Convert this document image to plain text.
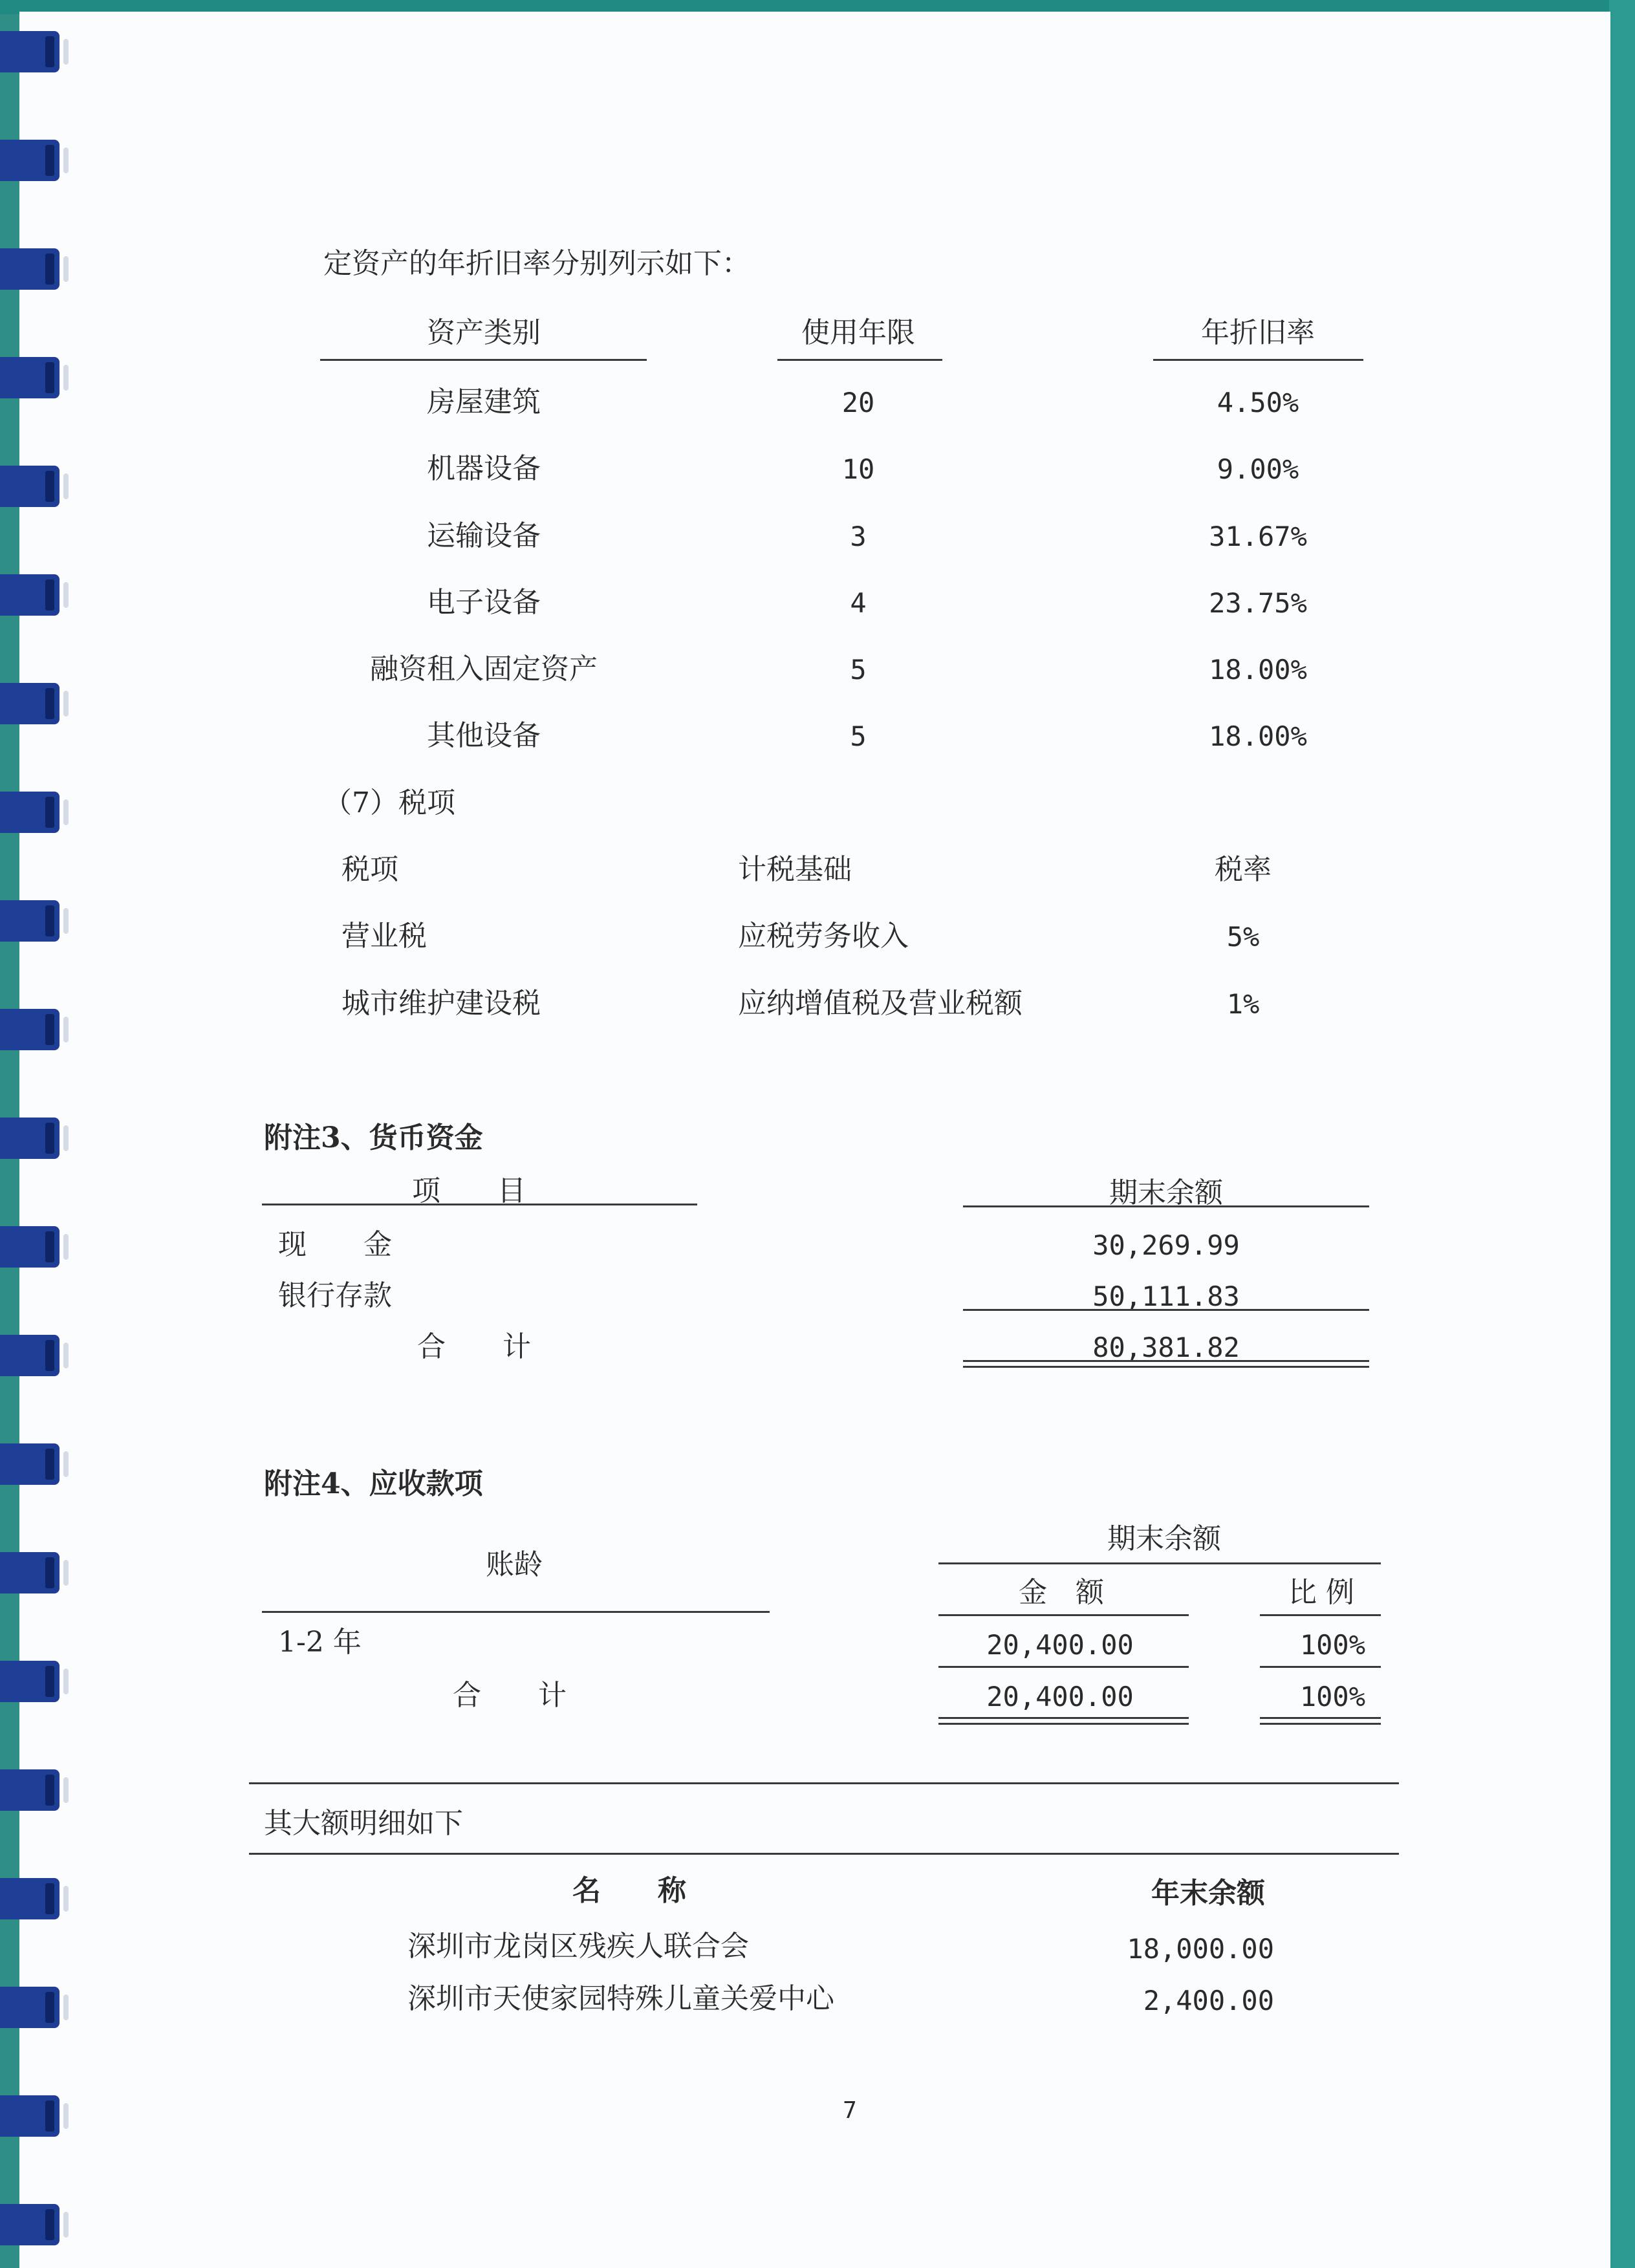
定资产的年折旧率分别列示如下：
资产类别	使用年限	年折旧率
房屋建筑	20	4.50%
机器设备	10	9.00%
运输设备	3	31.67%
电子设备	4	23.75%
融资租入固定资产	5	18.00%
其他设备	5	18.00%
（7）税项
税项	计税基础	税率
营业税	应税劳务收入	5%
城市维护建设税	应纳增值税及营业税额	1%
附注3、货币资金
项　　目	期末余额
现　　金	30,269.99
银行存款	50,111.83
合　　计	80,381.82
附注4、应收款项
期末余额
账龄
金　额	比 例
1-2 年	20,400.00	100%
合　　计	20,400.00	100%
其大额明细如下
名　　称	年末余额
深圳市龙岗区残疾人联合会	18,000.00
深圳市天使家园特殊儿童关爱中心	2,400.00
7
